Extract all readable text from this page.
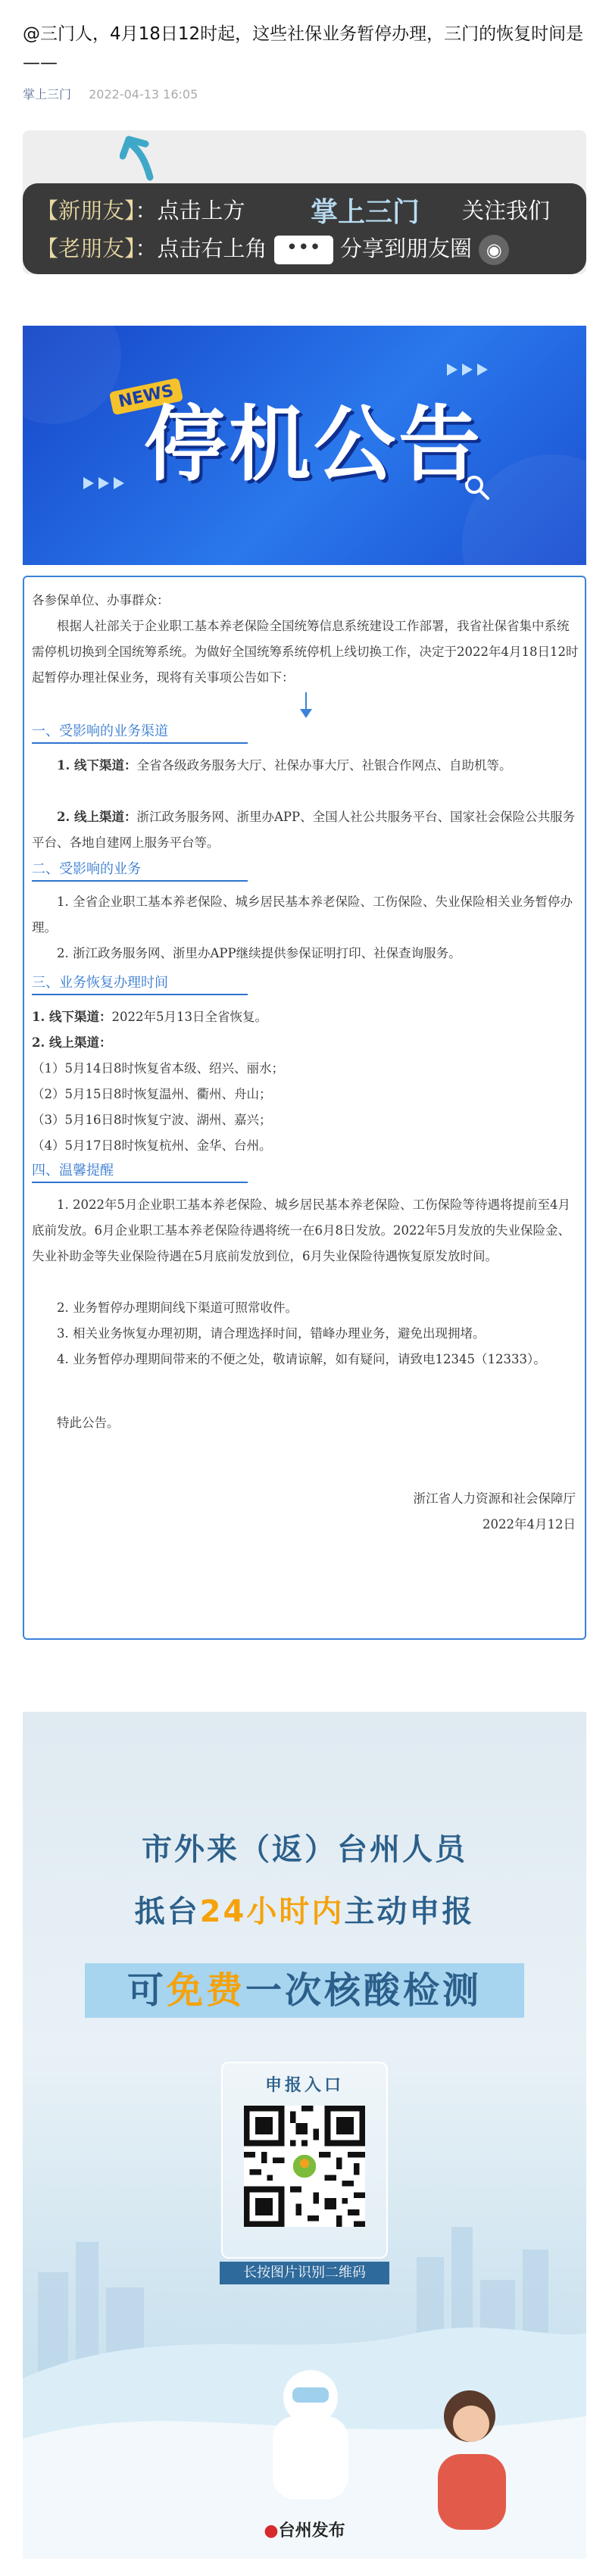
@三门人，4月18日12时起，这些社保业务暂停办理，三门的恢复时间是——
掌上三门 2022-04-13 16:05
【新朋友】：点击上方 掌上三门 关注我们
【老朋友】：点击右上角 ••• 分享到朋友圈 ◉
NEWS
停机公告
各参保单位、办事群众：
根据人社部关于企业职工基本养老保险全国统筹信息系统建设工作部署，我省社保省集中系统需停机切换到全国统筹系统。为做好全国统筹系统停机上线切换工作，决定于2022年4月18日12时起暂停办理社保业务，现将有关事项公告如下：
一、受影响的业务渠道
1. 线下渠道：全省各级政务服务大厅、社保办事大厅、社银合作网点、自助机等。
2. 线上渠道：浙江政务服务网、浙里办APP、全国人社公共服务平台、国家社会保险公共服务平台、各地自建网上服务平台等。
二、受影响的业务
1. 全省企业职工基本养老保险、城乡居民基本养老保险、工伤保险、失业保险相关业务暂停办理。
2. 浙江政务服务网、浙里办APP继续提供参保证明打印、社保查询服务。
三、业务恢复办理时间
1. 线下渠道：2022年5月13日全省恢复。
2. 线上渠道：
（1）5月14日8时恢复省本级、绍兴、丽水；
（2）5月15日8时恢复温州、衢州、舟山；
（3）5月16日8时恢复宁波、湖州、嘉兴；
（4）5月17日8时恢复杭州、金华、台州。
四、温馨提醒
1. 2022年5月企业职工基本养老保险、城乡居民基本养老保险、工伤保险等待遇将提前至4月底前发放。6月企业职工基本养老保险待遇将统一在6月8日发放。2022年5月发放的失业保险金、失业补助金等失业保险待遇在5月底前发放到位，6月失业保险待遇恢复原发放时间。
2. 业务暂停办理期间线下渠道可照常收件。
3. 相关业务恢复办理初期，请合理选择时间，错峰办理业务，避免出现拥堵。
4. 业务暂停办理期间带来的不便之处，敬请谅解，如有疑问，请致电12345（12333）。
特此公告。
浙江省人力资源和社会保障厅
2022年4月12日
市外来（返）台州人员
抵台24小时内主动申报
可免费一次核酸检测
申报入口
长按图片识别二维码
●台州发布
